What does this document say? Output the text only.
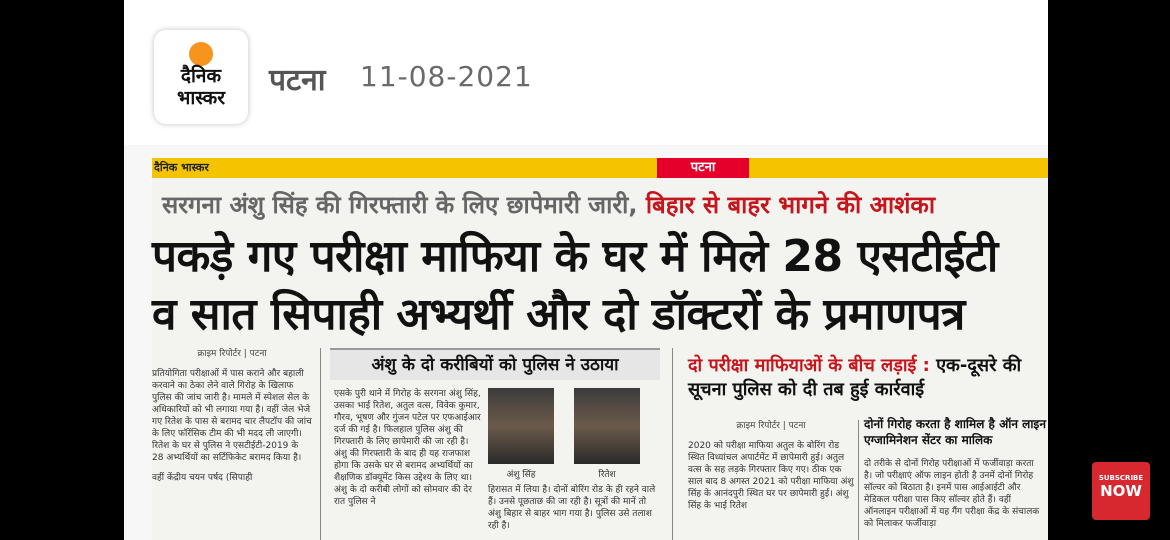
दैनिक
भास्कर	पटना 11-08-2021
दैनिक भास्कर	पटना
सरगना अंशु सिंह की गिरफ्तारी के लिए छापेमारी जारी, बिहार से बाहर भागने की आशंका
पकड़े गए परीक्षा माफिया के घर में मिले 28 एसटीईटी
व सात सिपाही अभ्यर्थी और दो डॉक्टरों के प्रमाणपत्र
क्राइम रिपोर्टर | पटना
प्रतियोगिता परीक्षाओं में पास कराने और बहाली करवाने का ठेका लेने वाले गिरोह के खिलाफ पुलिस की जांच जारी है। मामले में स्पेशल सेल के अधिकारियों को भी लगाया गया है। वहीं जेल भेजे गए रितेश के पास से बरामद चार लैपटॉप की जांच के लिए फॉरेंसिक टीम की भी मदद ली जाएगी। रितेश के घर से पुलिस ने एसटीईटी-2019 के 28 अभ्यर्थियों का सर्टिफिकेट बरामद किया है।
वहीं केंद्रीय चयन पर्षद (सिपाही
अंशु के दो करीबियों को पुलिस ने उठाया
एसके पुरी थाने में गिरोह के सरगना अंशु सिंह, उसका भाई रितेश, अतुल वत्स, विवेक कुमार, गौरव, भूषण और गुंजन पटेल पर एफआईआर दर्ज की गई है। फिलहाल पुलिस अंशु की गिरफ्तारी के लिए छापेमारी की जा रही है। अंशु की गिरफ्तारी के बाद ही यह राजफाश होगा कि उसके घर से बरामद अभ्यर्थियों का शैक्षणिक डॉक्यूमेंट किस उद्देश्य के लिए था। अंशु के दो करीबी लोगों को सोमवार की देर रात पुलिस ने
अंशु सिंह	रितेश
हिरासत में लिया है। दोनों बोरिंग रोड के ही रहने वाले हैं। उनसे पूछताछ की जा रही है। सूत्रों की मानें तो अंशु बिहार से बाहर भाग गया है। पुलिस उसे तलाश रही है।
दो परीक्षा माफियाओं के बीच लड़ाई : एक-दूसरे की सूचना पुलिस को दी तब हुई कार्रवाई
क्राइम रिपोर्टर | पटना
2020 को परीक्षा माफिया अतुल के बोरिंग रोड स्थित विध्यांचल अपार्टमेंट में छापेमारी हुई। अतुल वत्स के सह लड़के गिरफ्तार किए गए। ठीक एक साल बाद 8 अगस्त 2021 को परीक्षा माफिया अंशु सिंह के आनंदपुरी स्थित घर पर छापेमारी हुई। अंशु सिंह के भाई रितेश
दोनों गिरोह करता है शामिल है ऑन लाइन एग्जामिनेशन सेंटर का मालिक
दो तरीके से दोनों गिरोह परीक्षाओं में फर्जीवाड़ा करता है। जो परीक्षाएं ऑफ लाइन होती है उनमें दोनों गिरोह सॉल्वर को बिठाता है। इनमें पास आईआईटी और मेडिकल परीक्षा पास किए सॉल्वर होते हैं। वहीं ऑनलाइन परीक्षाओं में यह गैंग परीक्षा केंद्र के संचालक को मिलाकर फर्जीवाड़ा
SUBSCRIBE
NOW
